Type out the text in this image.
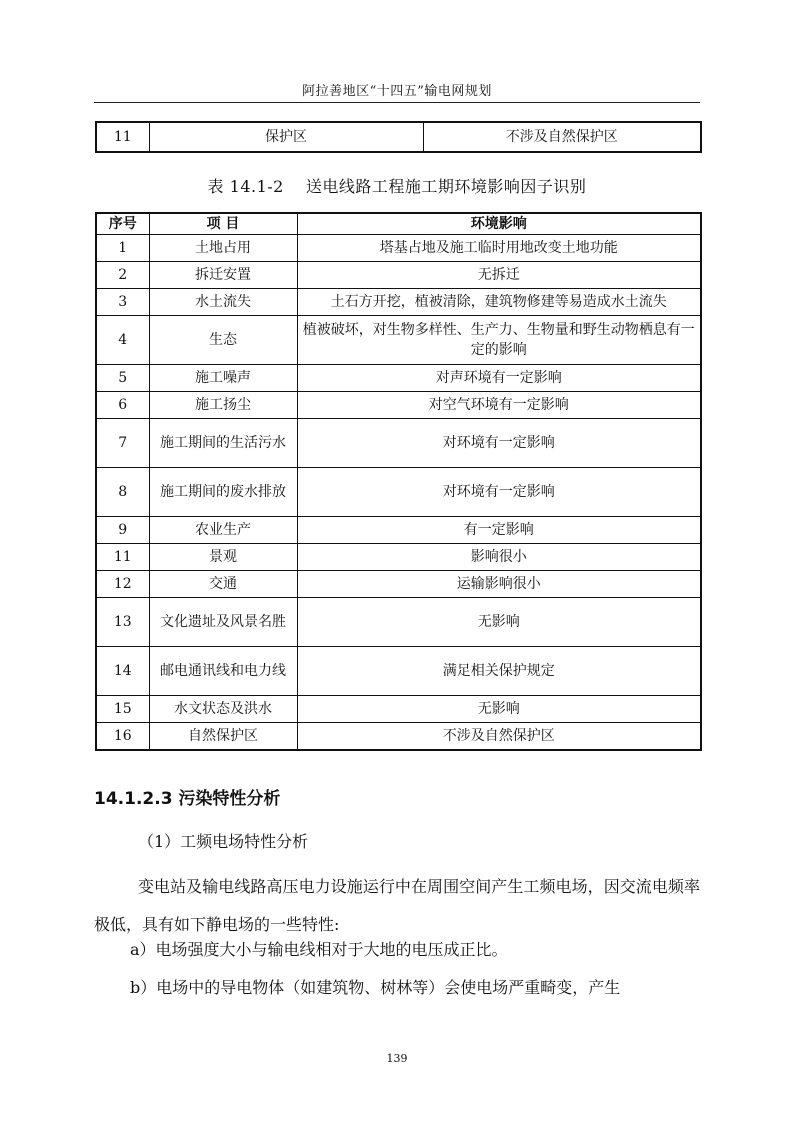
阿拉善地区“十四五”输电网规划
11	保护区	不涉及自然保护区
表 14.1-2　 送电线路工程施工期环境影响因子识别
序号	项 目	环境影响
1	土地占用	塔基占地及施工临时用地改变土地功能
2	拆迁安置	无拆迁
3	水土流失	土石方开挖，植被清除，建筑物修建等易造成水土流失
4	生态	植被破坏，对生物多样性、生产力、生物量和野生动物栖息有一定的影响
5	施工噪声	对声环境有一定影响
6	施工扬尘	对空气环境有一定影响
7	施工期间的生活污水	对环境有一定影响
8	施工期间的废水排放	对环境有一定影响
9	农业生产	有一定影响
11	景观	影响很小
12	交通	运输影响很小
13	文化遗址及风景名胜	无影响
14	邮电通讯线和电力线	满足相关保护规定
15	水文状态及洪水	无影响
16	自然保护区	不涉及自然保护区
14.1.2.3 污染特性分析
（1）工频电场特性分析
变电站及输电线路高压电力设施运行中在周围空间产生工频电场，因交流电频率极低，具有如下静电场的一些特性:
a）电场强度大小与输电线相对于大地的电压成正比。
b）电场中的导电物体（如建筑物、树林等）会使电场严重畸变，产生
139
